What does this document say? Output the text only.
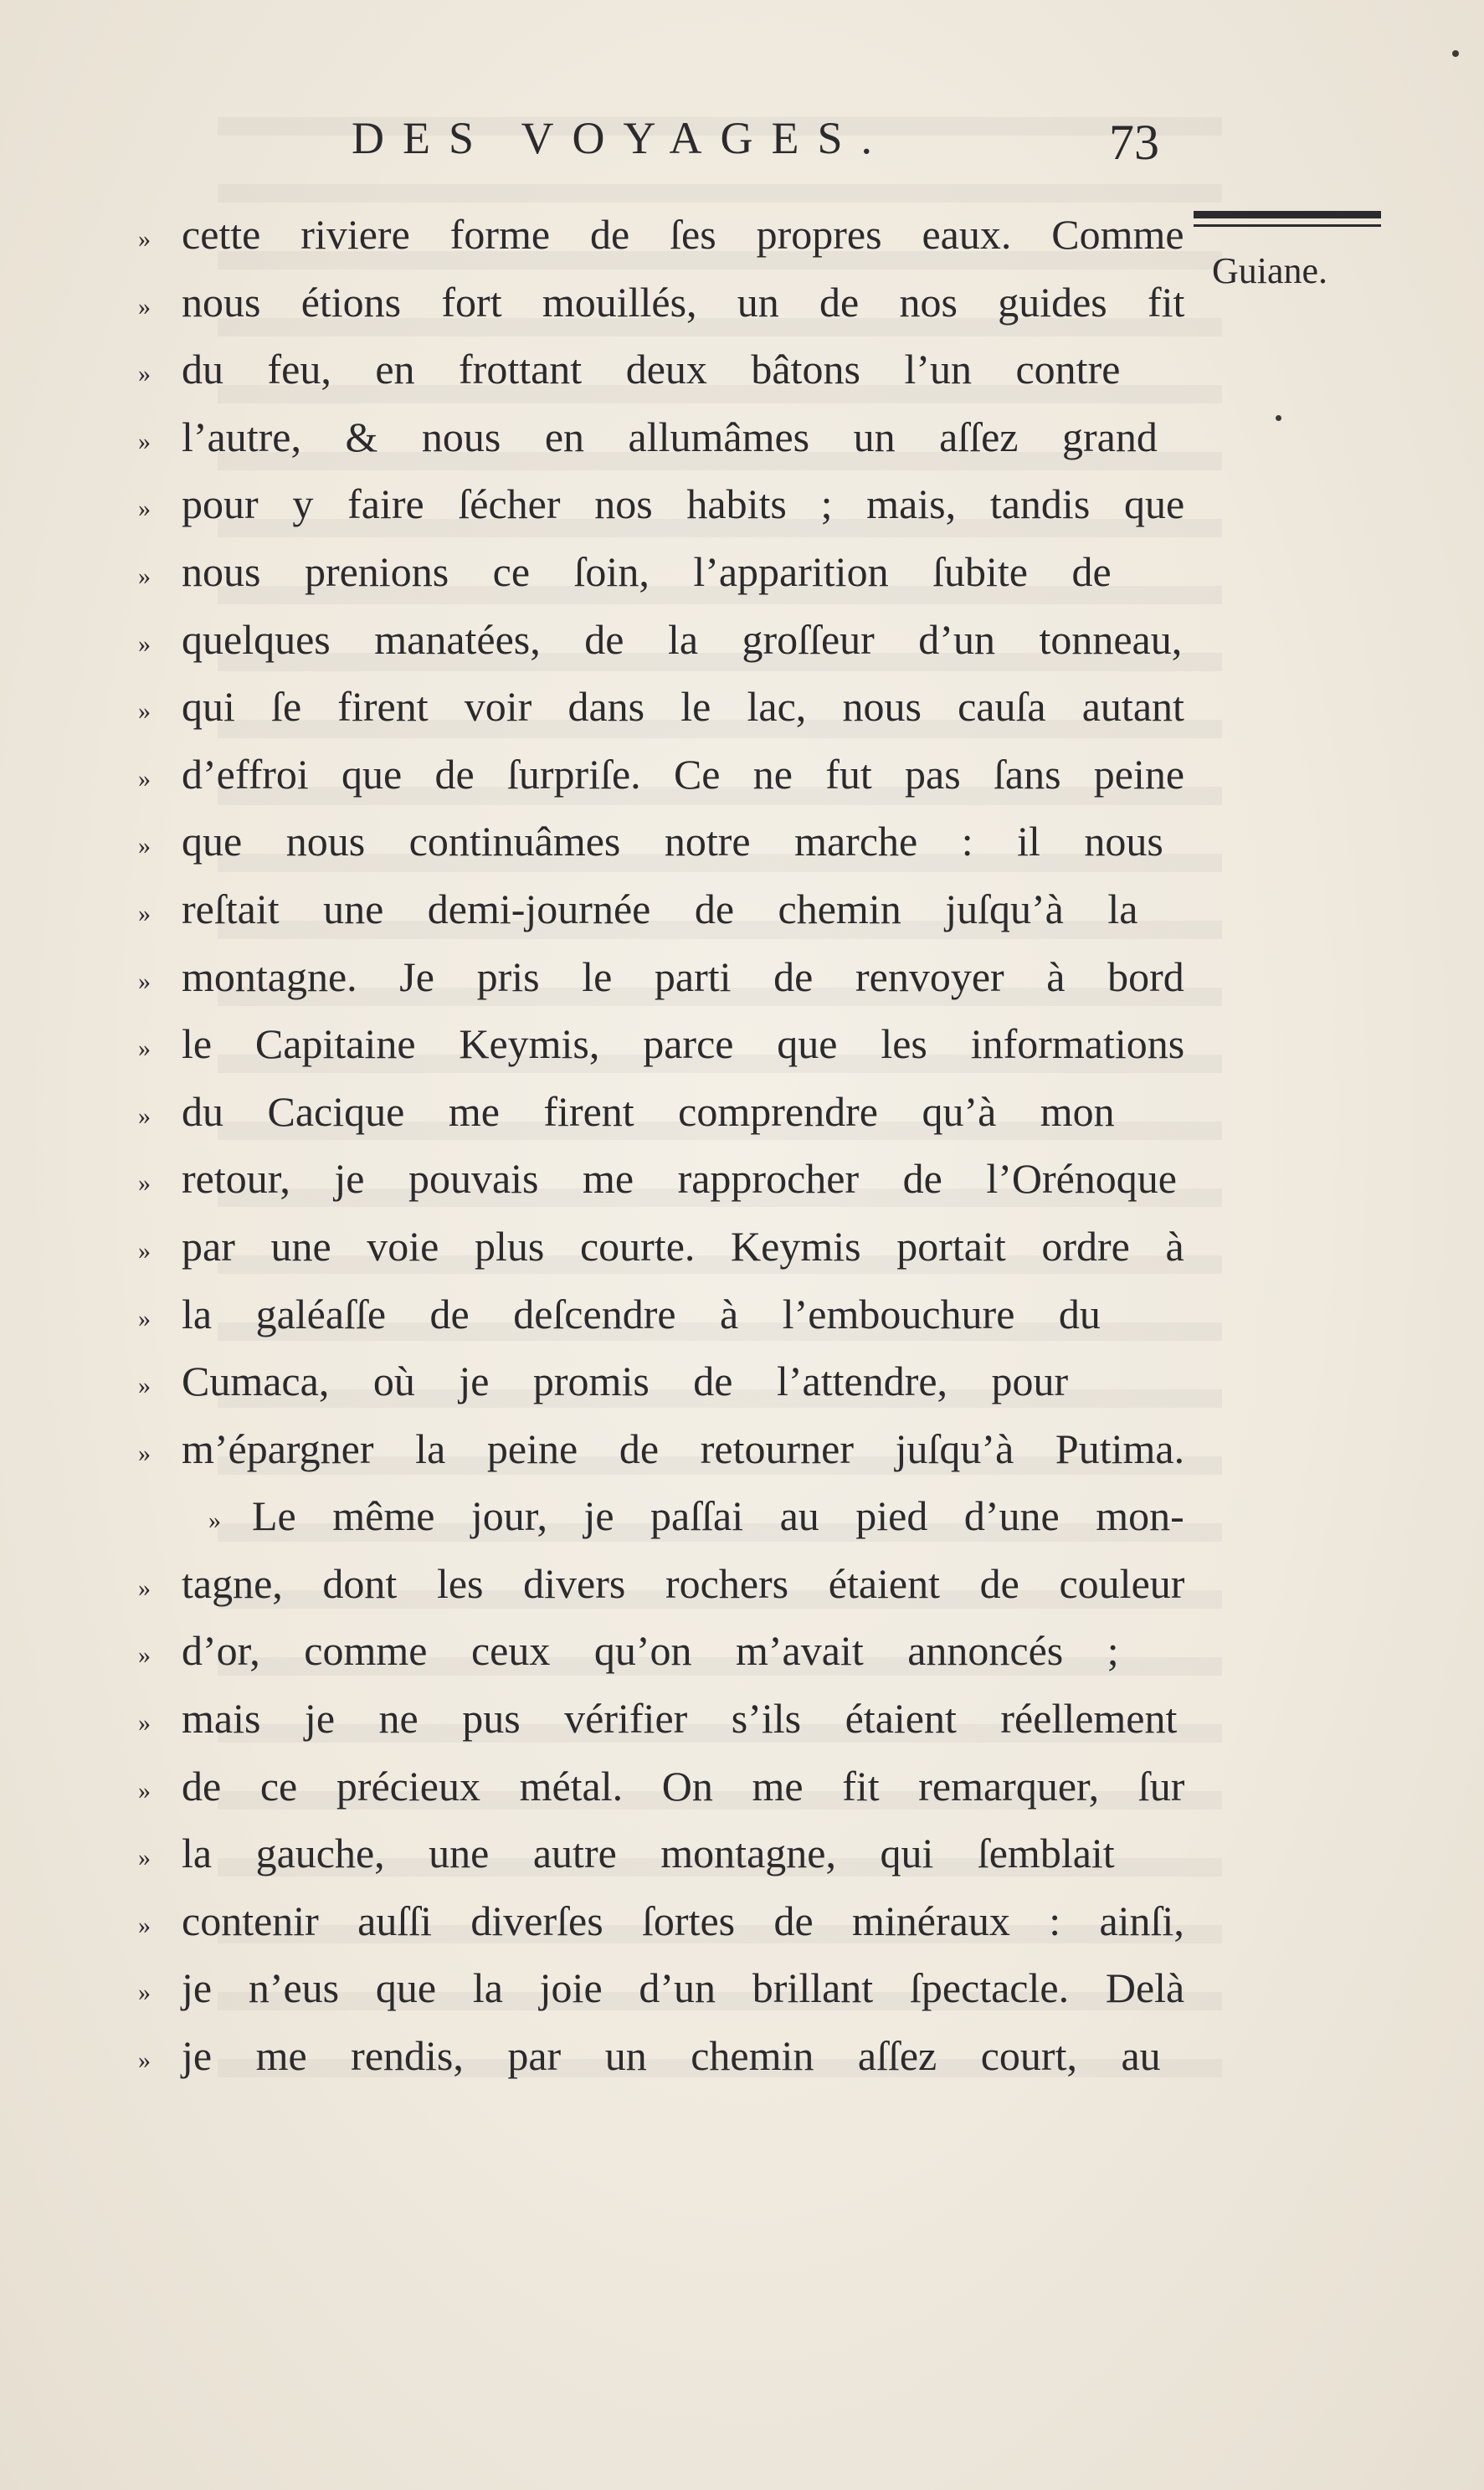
DES VOYAGES.	73
Guiane.
» cette riviere forme de ſes propres eaux. Comme
» nous étions fort mouillés, un de nos guides fit
» du feu, en frottant deux bâtons l’un contre
» l’autre, & nous en allumâmes un aſſez grand
» pour y faire ſécher nos habits ; mais, tandis que
» nous prenions ce ſoin, l’apparition ſubite de
» quelques manatées, de la groſſeur d’un tonneau,
» qui ſe firent voir dans le lac, nous cauſa autant
» d’effroi que de ſurpriſe. Ce ne fut pas ſans peine
» que nous continuâmes notre marche : il nous
» reſtait une demi-journée de chemin juſqu’à la
» montagne. Je pris le parti de renvoyer à bord
» le Capitaine Keymis, parce que les informations
» du Cacique me firent comprendre qu’à mon
» retour, je pouvais me rapprocher de l’Orénoque
» par une voie plus courte. Keymis portait ordre à
» la galéaſſe de deſcendre à l’embouchure du
» Cumaca, où je promis de l’attendre, pour
» m’épargner la peine de retourner juſqu’à Putima.
» Le même jour, je paſſai au pied d’une mon-
» tagne, dont les divers rochers étaient de couleur
» d’or, comme ceux qu’on m’avait annoncés ;
» mais je ne pus vérifier s’ils étaient réellement
» de ce précieux métal. On me fit remarquer, ſur
» la gauche, une autre montagne, qui ſemblait
» contenir auſſi diverſes ſortes de minéraux : ainſi,
» je n’eus que la joie d’un brillant ſpectacle. Delà
» je me rendis, par un chemin aſſez court, au
